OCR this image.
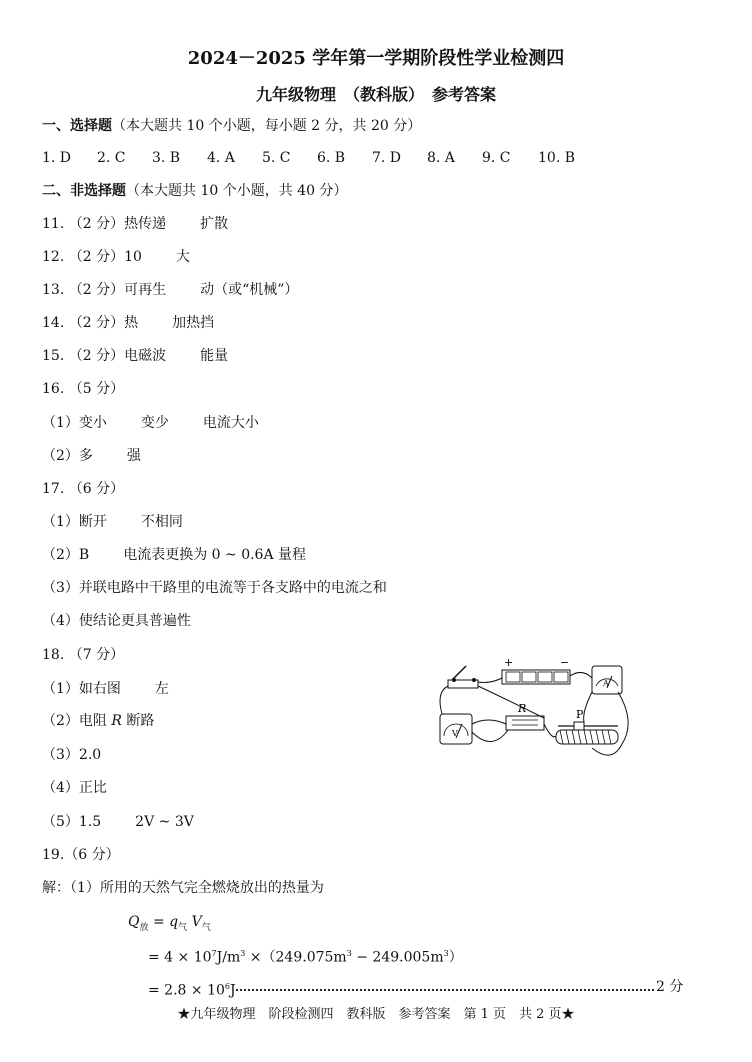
2024－2025 学年第一学期阶段性学业检测四
九年级物理　（教科版）　参考答案
一、选择题（本大题共 10 个小题，每小题 2 分，共 20 分）
1. D 2. C 3. B 4. A 5. C 6. B 7. D 8. A 9. C 10. B
二、非选择题（本大题共 10 个小题，共 40 分）
11. （2 分）热传递 扩散
12. （2 分）10 大
13. （2 分）可再生 动（或“机械”）
14. （2 分）热 加热挡
15. （2 分）电磁波 能量
16. （5 分）
（1）变小 变少 电流大小
（2）多 强
17. （6 分）
（1）断开 不相同
（2）B 电流表更换为 0 ~ 0.6A 量程
（3）并联电路中干路里的电流等于各支路中的电流之和
（4）使结论更具普遍性
18. （7 分）
（1）如右图 左
（2）电阻 R 断路
（3）2.0
（4）正比
（5）1.5 2V ~ 3V
+	−
A
V
R	P
19.（6 分）
解：（1）所用的天然气完全燃烧放出的热量为
$Q_放 = q_气$ $V_气$
= $4 \times 10^7J/m^3 \times(249.075m^3 - 249.005m^3)$
= $2.8 \times 10^6J$	2 分
★九年级物理　阶段检测四　教科版　参考答案　第 1 页　共 2 页★
